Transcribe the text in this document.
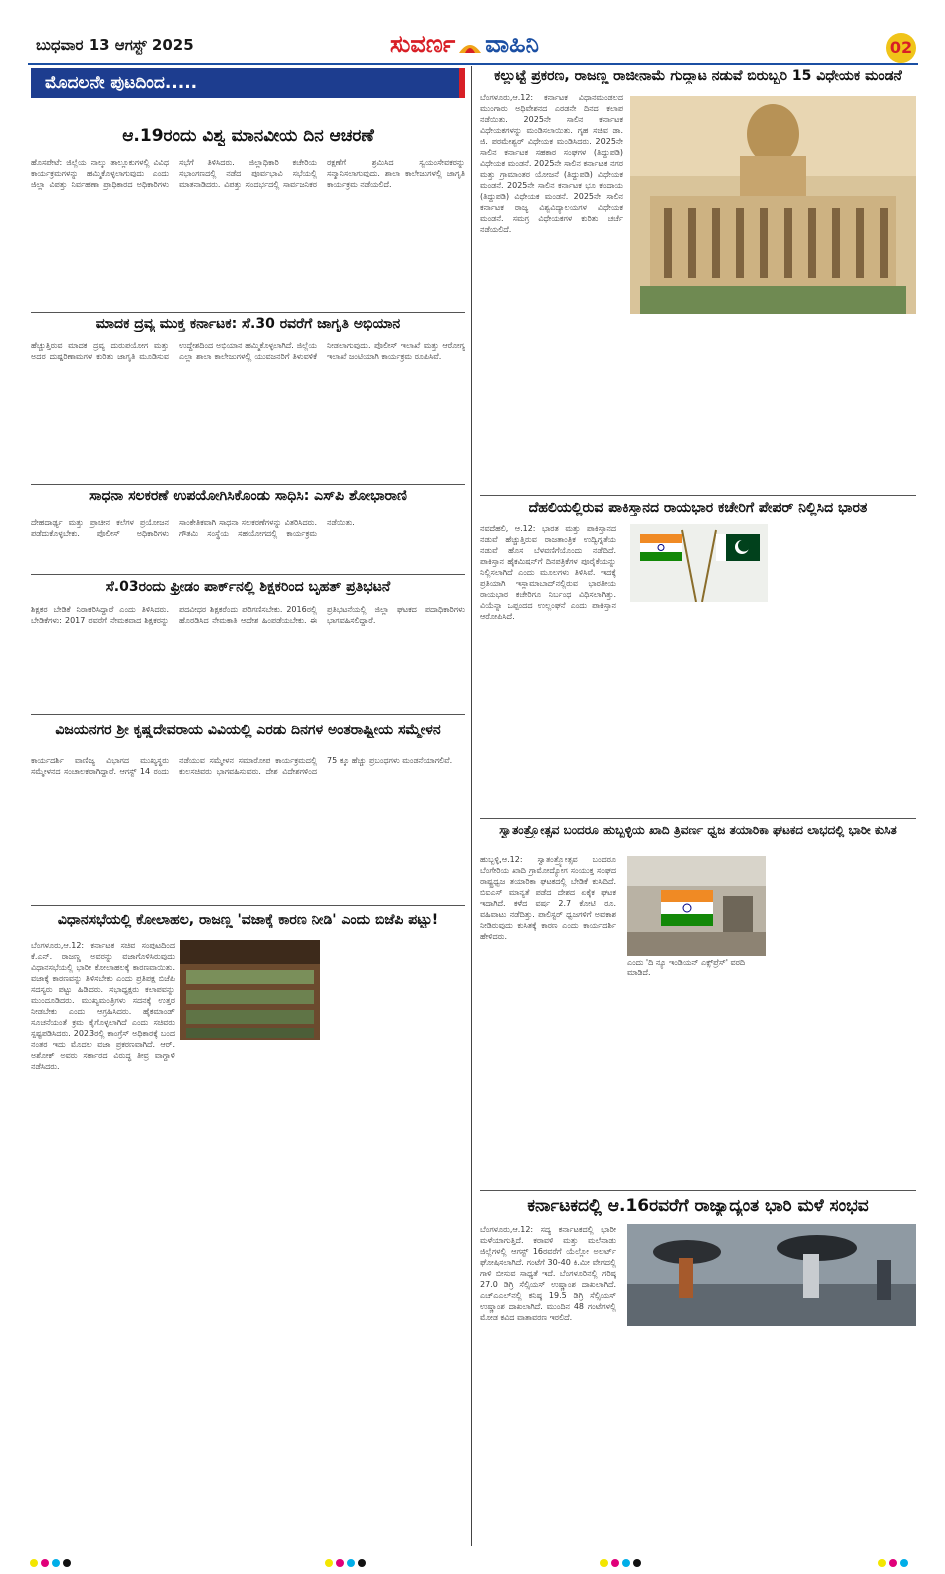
ಬುಧವಾರ 13 ಆಗಸ್ಟ್ 2025	ಸುವರ್ಣ ವಾಹಿನಿ	02
ಮೊದಲನೇ ಪುಟದಿಂದ.....
ಆ.19ರಂದು ವಿಶ್ವ ಮಾನವೀಯ ದಿನ ಆಚರಣೆ
ಹೊಸಪೇಟೆ: ಜಿಲ್ಲೆಯ ನಾಲ್ಕು ತಾಲ್ಲೂಕುಗಳಲ್ಲಿ ವಿವಿಧ ಕಾರ್ಯಕ್ರಮಗಳನ್ನು ಹಮ್ಮಿಕೊಳ್ಳಲಾಗುವುದು ಎಂದು ಜಿಲ್ಲಾ ವಿಪತ್ತು ನಿರ್ವಹಣಾ ಪ್ರಾಧಿಕಾರದ ಅಧಿಕಾರಿಗಳು ಸಭೆಗೆ ತಿಳಿಸಿದರು. ಜಿಲ್ಲಾಧಿಕಾರಿ ಕಚೇರಿಯ ಸಭಾಂಗಣದಲ್ಲಿ ನಡೆದ ಪೂರ್ವಭಾವಿ ಸಭೆಯಲ್ಲಿ ಮಾತನಾಡಿದರು. ವಿಪತ್ತು ಸಂದರ್ಭದಲ್ಲಿ ಸಾರ್ವಜನಿಕರ ರಕ್ಷಣೆಗೆ ಶ್ರಮಿಸಿದ ಸ್ವಯಂಸೇವಕರನ್ನು ಸನ್ಮಾನಿಸಲಾಗುವುದು. ಶಾಲಾ ಕಾಲೇಜುಗಳಲ್ಲಿ ಜಾಗೃತಿ ಕಾರ್ಯಕ್ರಮ ನಡೆಯಲಿದೆ.
ಮಾದಕ ದ್ರವ್ಯ ಮುಕ್ತ ಕರ್ನಾಟಕ: ಸೆ.30 ರವರೆಗೆ ಜಾಗೃತಿ ಅಭಿಯಾನ
ಹೆಚ್ಚುತ್ತಿರುವ ಮಾದಕ ದ್ರವ್ಯ ದುರುಪಯೋಗ ಮತ್ತು ಅದರ ದುಷ್ಪರಿಣಾಮಗಳ ಕುರಿತು ಜಾಗೃತಿ ಮೂಡಿಸುವ ಉದ್ದೇಶದಿಂದ ಅಭಿಯಾನ ಹಮ್ಮಿಕೊಳ್ಳಲಾಗಿದೆ. ಜಿಲ್ಲೆಯ ಎಲ್ಲಾ ಶಾಲಾ ಕಾಲೇಜುಗಳಲ್ಲಿ ಯುವಜನರಿಗೆ ತಿಳುವಳಿಕೆ ನೀಡಲಾಗುವುದು. ಪೊಲೀಸ್ ಇಲಾಖೆ ಮತ್ತು ಆರೋಗ್ಯ ಇಲಾಖೆ ಜಂಟಿಯಾಗಿ ಕಾರ್ಯಕ್ರಮ ರೂಪಿಸಿವೆ.
ಸಾಧನಾ ಸಲಕರಣೆ ಉಪಯೋಗಿಸಿಕೊಂಡು ಸಾಧಿಸಿ: ಎಸ್‌ಪಿ ಶೋಭಾರಾಣಿ
ದೇಹದಾರ್ಢ್ಯ ಮತ್ತು ಪ್ರಾಚೀನ ಕಲೆಗಳ ಪ್ರಯೋಜನ ಪಡೆದುಕೊಳ್ಳಬೇಕು. ಪೊಲೀಸ್ ಅಧಿಕಾರಿಗಳು ಸಾಂಕೇತಿಕವಾಗಿ ಸಾಧನಾ ಸಲಕರಣೆಗಳನ್ನು ವಿತರಿಸಿದರು. ಗೌತಮಿ ಸಂಸ್ಥೆಯ ಸಹಯೋಗದಲ್ಲಿ ಕಾರ್ಯಕ್ರಮ ನಡೆಯಿತು.
ಸೆ.03ರಂದು ಫ್ರೀಡಂ ಪಾರ್ಕ್‌ನಲ್ಲಿ ಶಿಕ್ಷಕರಿಂದ ಬೃಹತ್ ಪ್ರತಿಭಟನೆ
ಶಿಕ್ಷಕರ ಬೇಡಿಕೆ ನಿರಾಕರಿಸಿದ್ದಾರೆ ಎಂದು ತಿಳಿಸಿದರು. ಬೇಡಿಕೆಗಳು: 2017 ರವರೆಗೆ ನೇಮಕವಾದ ಶಿಕ್ಷಕರನ್ನು ಪದವೀಧರ ಶಿಕ್ಷಕರೆಂದು ಪರಿಗಣಿಸಬೇಕು. 2016ರಲ್ಲಿ ಹೊರಡಿಸಿದ ನೇಮಕಾತಿ ಆದೇಶ ಹಿಂಪಡೆಯಬೇಕು. ಈ ಪ್ರತಿಭಟನೆಯಲ್ಲಿ ಜಿಲ್ಲಾ ಘಟಕದ ಪದಾಧಿಕಾರಿಗಳು ಭಾಗವಹಿಸಲಿದ್ದಾರೆ.
ವಿಜಯನಗರ ಶ್ರೀ ಕೃಷ್ಣದೇವರಾಯ ವಿವಿಯಲ್ಲಿ ಎರಡು ದಿನಗಳ ಅಂತರಾಷ್ಟ್ರೀಯ ಸಮ್ಮೇಳನ
ಕಾರ್ಯದರ್ಶಿ ವಾಣಿಜ್ಯ ವಿಭಾಗದ ಮುಖ್ಯಸ್ಥರು ಸಮ್ಮೇಳನದ ಸಂಚಾಲಕರಾಗಿದ್ದಾರೆ. ಆಗಸ್ಟ್ 14 ರಂದು ನಡೆಯುವ ಸಮ್ಮೇಳನ ಸಮಾರೋಪ ಕಾರ್ಯಕ್ರಮದಲ್ಲಿ ಕುಲಸಚಿವರು ಭಾಗವಹಿಸುವರು. ದೇಶ ವಿದೇಶಗಳಿಂದ 75 ಕ್ಕೂ ಹೆಚ್ಚು ಪ್ರಬಂಧಗಳು ಮಂಡನೆಯಾಗಲಿವೆ.
ವಿಧಾನಸಭೆಯಲ್ಲಿ ಕೋಲಾಹಲ, ರಾಜಣ್ಣ 'ವಜಾಕ್ಕೆ ಕಾರಣ ನೀಡಿ' ಎಂದು ಬಿಜೆಪಿ ಪಟ್ಟು!
ಬೆಂಗಳೂರು,ಆ.12: ಕರ್ನಾಟಕ ಸಚಿವ ಸಂಪುಟದಿಂದ ಕೆ.ಎನ್. ರಾಜಣ್ಣ ಅವರನ್ನು ವಜಾಗೊಳಿಸಿರುವುದು ವಿಧಾನಸಭೆಯಲ್ಲಿ ಭಾರೀ ಕೋಲಾಹಲಕ್ಕೆ ಕಾರಣವಾಯಿತು. ವಜಾಕ್ಕೆ ಕಾರಣವನ್ನು ತಿಳಿಸಬೇಕು ಎಂದು ಪ್ರತಿಪಕ್ಷ ಬಿಜೆಪಿ ಸದಸ್ಯರು ಪಟ್ಟು ಹಿಡಿದರು. ಸಭಾಧ್ಯಕ್ಷರು ಕಲಾಪವನ್ನು ಮುಂದೂಡಿದರು. ಮುಖ್ಯಮಂತ್ರಿಗಳು ಸದನಕ್ಕೆ ಉತ್ತರ ನೀಡಬೇಕು ಎಂದು ಆಗ್ರಹಿಸಿದರು. ಹೈಕಮಾಂಡ್ ಸೂಚನೆಯಂತೆ ಕ್ರಮ ಕೈಗೊಳ್ಳಲಾಗಿದೆ ಎಂದು ಸಚಿವರು ಸ್ಪಷ್ಟಪಡಿಸಿದರು. 2023ರಲ್ಲಿ ಕಾಂಗ್ರೆಸ್ ಅಧಿಕಾರಕ್ಕೆ ಬಂದ ನಂತರ ಇದು ಮೊದಲ ವಜಾ ಪ್ರಕರಣವಾಗಿದೆ. ಆರ್. ಅಶೋಕ್ ಅವರು ಸರ್ಕಾರದ ವಿರುದ್ಧ ತೀವ್ರ ವಾಗ್ದಾಳಿ ನಡೆಸಿದರು.
ಕಲ್ಲುಟ್ಟೆ ಪ್ರಕರಣ, ರಾಜಣ್ಣ ರಾಜೀನಾಮೆ ಗುದ್ದಾಟ ನಡುವೆ ಬಿರುಬ್ಬರಿ 15 ವಿಧೇಯಕ ಮಂಡನೆ
ಬೆಂಗಳೂರು,ಆ.12: ಕರ್ನಾಟಕ ವಿಧಾನಮಂಡಲದ ಮುಂಗಾರು ಅಧಿವೇಶನದ ಎರಡನೇ ದಿನದ ಕಲಾಪ ನಡೆಯಿತು. 2025ನೇ ಸಾಲಿನ ಕರ್ನಾಟಕ ವಿಧೇಯಕಗಳನ್ನು ಮಂಡಿಸಲಾಯಿತು. ಗೃಹ ಸಚಿವ ಡಾ. ಜಿ. ಪರಮೇಶ್ವರ್ ವಿಧೇಯಕ ಮಂಡಿಸಿದರು. 2025ನೇ ಸಾಲಿನ ಕರ್ನಾಟಕ ಸಹಕಾರ ಸಂಘಗಳ (ತಿದ್ದುಪಡಿ) ವಿಧೇಯಕ ಮಂಡನೆ. 2025ನೇ ಸಾಲಿನ ಕರ್ನಾಟಕ ನಗರ ಮತ್ತು ಗ್ರಾಮಾಂತರ ಯೋಜನೆ (ತಿದ್ದುಪಡಿ) ವಿಧೇಯಕ ಮಂಡನೆ. 2025ನೇ ಸಾಲಿನ ಕರ್ನಾಟಕ ಭೂ ಕಂದಾಯ (ತಿದ್ದುಪಡಿ) ವಿಧೇಯಕ ಮಂಡನೆ. 2025ನೇ ಸಾಲಿನ ಕರ್ನಾಟಕ ರಾಜ್ಯ ವಿಶ್ವವಿದ್ಯಾಲಯಗಳ ವಿಧೇಯಕ ಮಂಡನೆ. ಸಮಗ್ರ ವಿಧೇಯಕಗಳ ಕುರಿತು ಚರ್ಚೆ ನಡೆಯಲಿದೆ.
ದೆಹಲಿಯಲ್ಲಿರುವ ಪಾಕಿಸ್ತಾನದ ರಾಯಭಾರ ಕಚೇರಿಗೆ ಪೇಪರ್ ನಿಲ್ಲಿಸಿದ ಭಾರತ
ನವದೆಹಲಿ, ಆ.12: ಭಾರತ ಮತ್ತು ಪಾಕಿಸ್ತಾನದ ನಡುವೆ ಹೆಚ್ಚುತ್ತಿರುವ ರಾಜತಾಂತ್ರಿಕ ಉದ್ವಿಗ್ನತೆಯ ನಡುವೆ ಹೊಸ ಬೆಳವಣಿಗೆಯೊಂದು ನಡೆದಿದೆ. ಪಾಕಿಸ್ತಾನ ಹೈಕಮಿಷನ್‌ಗೆ ದಿನಪತ್ರಿಕೆಗಳ ಪೂರೈಕೆಯನ್ನು ನಿಲ್ಲಿಸಲಾಗಿದೆ ಎಂದು ಮೂಲಗಳು ತಿಳಿಸಿವೆ. ಇದಕ್ಕೆ ಪ್ರತಿಯಾಗಿ ಇಸ್ಲಾಮಾಬಾದ್‌ನಲ್ಲಿರುವ ಭಾರತೀಯ ರಾಯಭಾರ ಕಚೇರಿಗೂ ನಿರ್ಬಂಧ ವಿಧಿಸಲಾಗಿತ್ತು. ವಿಯೆನ್ನಾ ಒಪ್ಪಂದದ ಉಲ್ಲಂಘನೆ ಎಂದು ಪಾಕಿಸ್ತಾನ ಆರೋಪಿಸಿದೆ.
ಸ್ವಾತಂತ್ರ್ಯೋತ್ಸವ ಬಂದರೂ ಹುಬ್ಬಳ್ಳಿಯ ಖಾದಿ ತ್ರಿವರ್ಣ ಧ್ವಜ ತಯಾರಿಕಾ ಘಟಕದ ಲಾಭದಲ್ಲಿ ಭಾರೀ ಕುಸಿತ
ಹುಬ್ಬಳ್ಳಿ,ಆ.12: ಸ್ವಾತಂತ್ರ್ಯೋತ್ಸವ ಬಂದರೂ ಬೆಂಗೇರಿಯ ಖಾದಿ ಗ್ರಾಮೋದ್ಯೋಗ ಸಂಯುಕ್ತ ಸಂಘದ ರಾಷ್ಟ್ರಧ್ವಜ ತಯಾರಿಕಾ ಘಟಕದಲ್ಲಿ ಬೇಡಿಕೆ ಕುಸಿದಿದೆ. ಬಿಐಎಸ್ ಮಾನ್ಯತೆ ಪಡೆದ ದೇಶದ ಏಕೈಕ ಘಟಕ ಇದಾಗಿದೆ. ಕಳೆದ ವರ್ಷ 2.7 ಕೋಟಿ ರೂ. ವಹಿವಾಟು ನಡೆದಿತ್ತು. ಪಾಲಿಸ್ಟರ್ ಧ್ವಜಗಳಿಗೆ ಅವಕಾಶ ನೀಡಿರುವುದು ಕುಸಿತಕ್ಕೆ ಕಾರಣ ಎಂದು ಕಾರ್ಯದರ್ಶಿ ಹೇಳಿದರು.
ಎಂದು 'ದಿ ನ್ಯೂ ಇಂಡಿಯನ್ ಎಕ್ಸ್‌ಪ್ರೆಸ್' ವರದಿ ಮಾಡಿದೆ.
ಕರ್ನಾಟಕದಲ್ಲಿ ಆ.16ರವರೆಗೆ ರಾಜ್ಯಾದ್ಯಂತ ಭಾರಿ ಮಳೆ ಸಂಭವ
ಬೆಂಗಳೂರು,ಆ.12: ಸದ್ಯ ಕರ್ನಾಟಕದಲ್ಲಿ ಭಾರೀ ಮಳೆಯಾಗುತ್ತಿದೆ. ಕರಾವಳಿ ಮತ್ತು ಮಲೆನಾಡು ಜಿಲ್ಲೆಗಳಲ್ಲಿ ಆಗಸ್ಟ್ 16ರವರೆಗೆ ಯೆಲ್ಲೋ ಅಲರ್ಟ್ ಘೋಷಿಸಲಾಗಿದೆ. ಗಂಟೆಗೆ 30-40 ಕಿ.ಮೀ ವೇಗದಲ್ಲಿ ಗಾಳಿ ಬೀಸುವ ಸಾಧ್ಯತೆ ಇದೆ. ಬೆಂಗಳೂರಿನಲ್ಲಿ ಗರಿಷ್ಠ 27.0 ಡಿಗ್ರಿ ಸೆಲ್ಸಿಯಸ್ ಉಷ್ಣಾಂಶ ದಾಖಲಾಗಿದೆ. ಎಚ್‌ಎಎಲ್‌ನಲ್ಲಿ ಕನಿಷ್ಠ 19.5 ಡಿಗ್ರಿ ಸೆಲ್ಸಿಯಸ್ ಉಷ್ಣಾಂಶ ದಾಖಲಾಗಿದೆ. ಮುಂದಿನ 48 ಗಂಟೆಗಳಲ್ಲಿ ಮೋಡ ಕವಿದ ವಾತಾವರಣ ಇರಲಿದೆ.
